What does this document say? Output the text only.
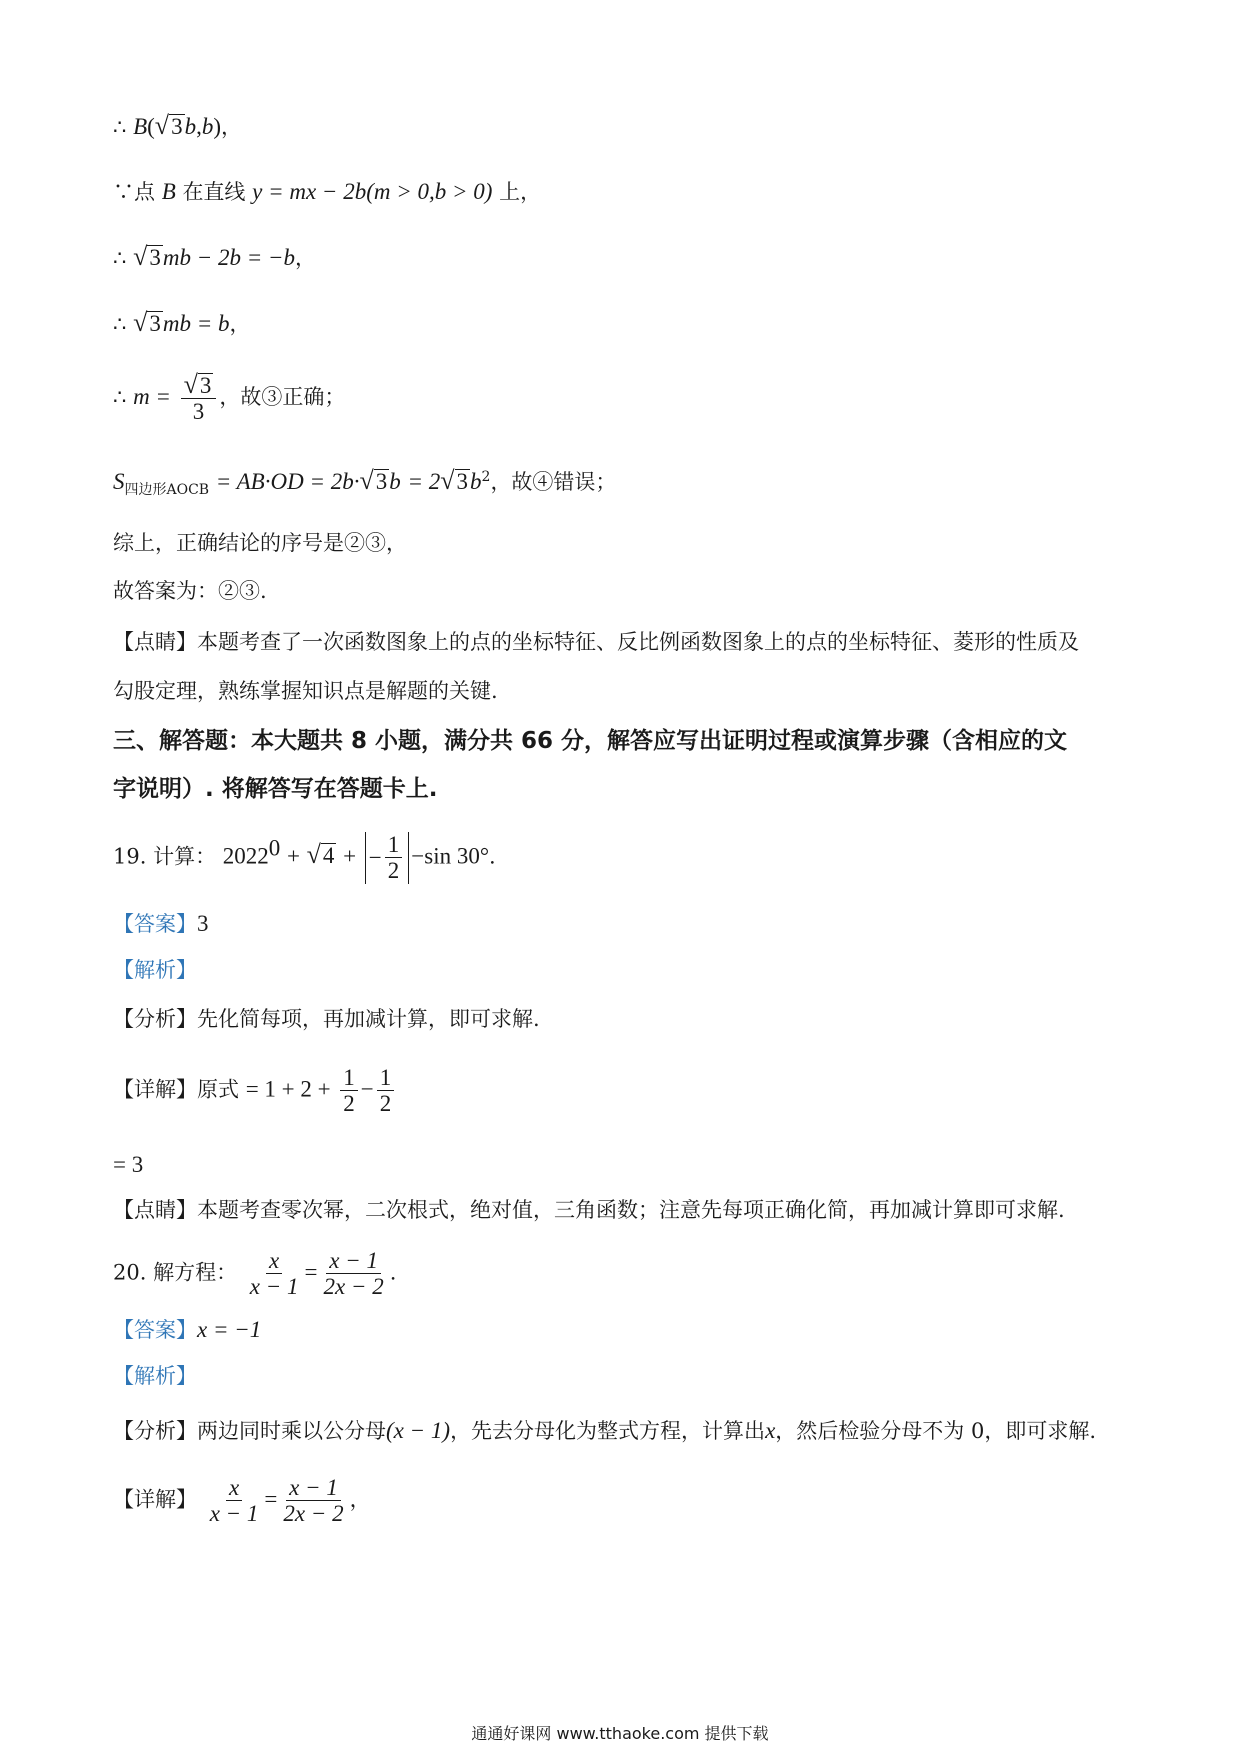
∴ B( √ 3 b,b)，
∵点 B 在直线 y = mx − 2b(m > 0,b > 0) 上，
∴ √ 3 mb − 2b = −b，
∴ √ 3 mb = b，
∴ $m = \frac{√ 3}{3}$ ，故③正确；
$S_{四边形AOCB} = AB\cdot OD = 2b\cdot$ √ 3 b = 2 √ 3 $b^2$，故④错误；
综上，正确结论的序号是②③，
故答案为：②③.
【点睛】本题考查了一次函数图象上的点的坐标特征、反比例函数图象上的点的坐标特征、菱形的性质及
勾股定理，熟练掌握知识点是解题的关键.
三、解答题：本大题共 8 小题，满分共 66 分，解答应写出证明过程或演算步骤（含相应的文
字说明）. 将解答写在答题卡上.
19. 计算： $2022^0$ + √ 4 + − $\frac{1}{2} -\sin$ 30°.
【答案】3
【解析】
【分析】先化简每项，再加减计算，即可求解.
【详解】原式 = $1 + 2 + \frac{1}{2} - \frac{1}{2}$
= 3
【点睛】本题考查零次幂，二次根式，绝对值，三角函数；注意先每项正确化简，再加减计算即可求解.
20. 解方程： $\frac{x}{x - 1} = \frac{x - 1}{2x - 2}$ .
【答案】x = −1
【解析】
【分析】两边同时乘以公分母(x − 1)，先去分母化为整式方程，计算出x，然后检验分母不为 0，即可求解.
【详解】 $\frac{x}{x - 1} = \frac{x - 1}{2x - 2}$ ，
通通好课网 www.tthaoke.com 提供下载
